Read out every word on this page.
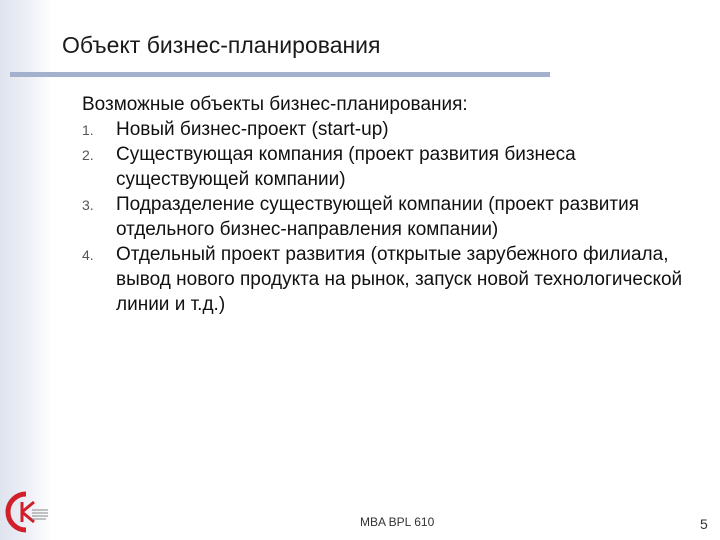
Объект бизнес-планирования

Возможные объекты бизнес-планирования:

1. Новый бизнес-проект (start-up)
2. Существующая компания (проект развития бизнеса существующей компании)
3. Подразделение существующей компании (проект развития отдельного бизнес-направления компании)
4. Отдельный проект развития (открытые зарубежного филиала, вывод нового продукта на рынок, запуск новой технологической линии и т.д.)
MBA BPL 610	5
